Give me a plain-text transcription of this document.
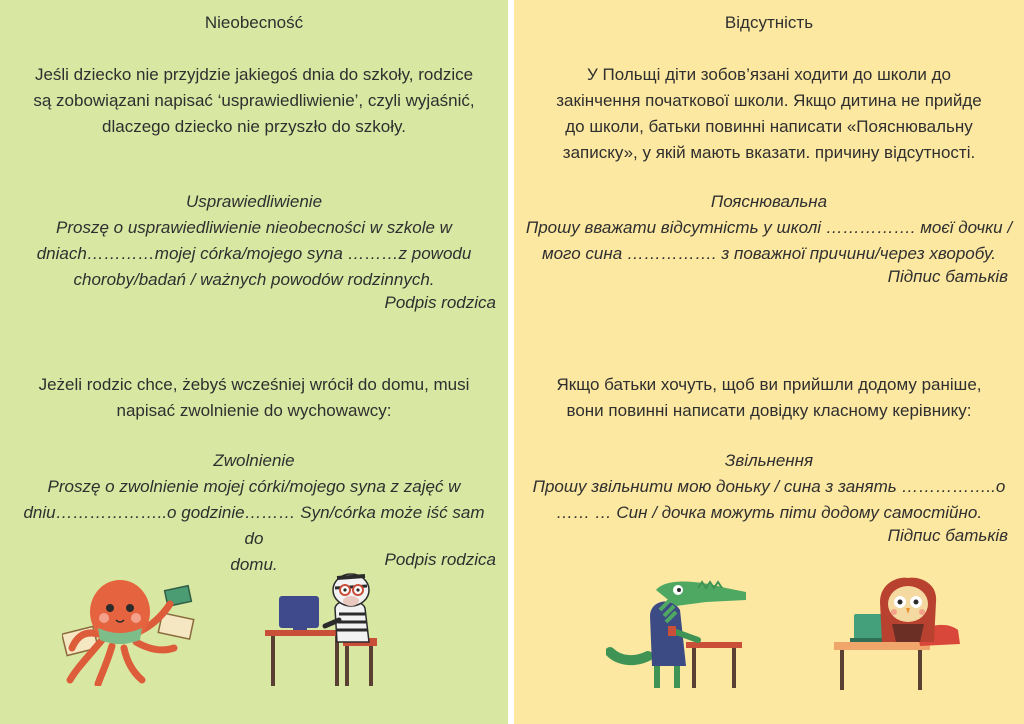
Nieobecność
Jeśli dziecko nie przyjdzie jakiegoś dnia do szkoły, rodzice
są zobowiązani napisać ‘usprawiedliwienie’, czyli wyjaśnić,
dlaczego dziecko nie przyszło do szkoły.
Usprawiedliwienie
Proszę o usprawiedliwienie nieobecności w szkole w
dniach…………mojej córka/mojego syna ………z powodu
choroby/badań / ważnych powodów rodzinnych.
Podpis rodzica
Jeżeli rodzic chce, żebyś wcześniej wrócił do domu, musi
napisać zwolnienie do wychowawcy:
Zwolnienie
Proszę o zwolnienie mojej córki/mojego syna z zajęć w
dniu………………..o godzinie……… Syn/córka może iść sam do
domu.	Podpis rodzica
Відсутність
У Польщі діти зобов’язані ходити до школи до
закінчення початкової школи. Якщо дитина не прийде
до школи, батьки повинні написати «Пояснювальну
записку», у якій мають вказати. причину відсутності.
Пояснювальна
Прошу вважати відсутність у школі ……………. моєї дочки /
мого сина ……………. з поважної причини/через хворобу.
Підпис батьків
Якщо батьки хочуть, щоб ви прийшли додому раніше,
вони повинні написати довідку класному керівнику:
Звільнення
Прошу звільнити мою доньку / сина з занять ……………..о
…… … Син / дочка можуть піти додому самостійно.
Підпис батьків
